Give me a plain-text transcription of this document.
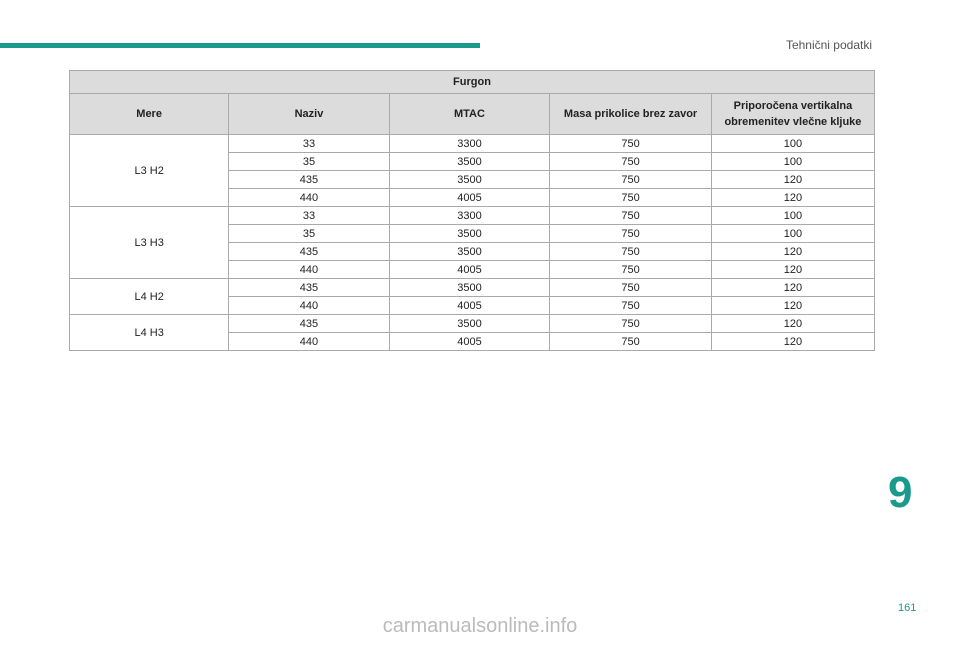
Tehnični podatki
Furgon				
Mere	Naziv	MTAC	Masa prikolice brez zavor	Priporočena vertikalna obremenitev vlečne kljuke
L3 H2	33	3300	750	100
	35	3500	750	100
	435	3500	750	120
	440	4005	750	120
L3 H3	33	3300	750	100
	35	3500	750	100
	435	3500	750	120
	440	4005	750	120
L4 H2	435	3500	750	120
	440	4005	750	120
L4 H3	435	3500	750	120
	440	4005	750	120
9
161
carmanualsonline.info
